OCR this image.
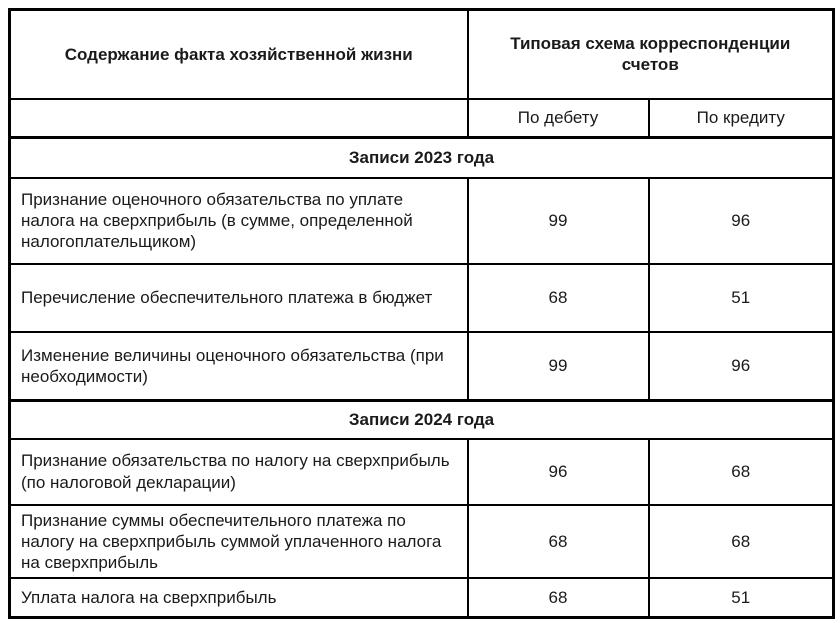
Содержание факта хозяйственной жизни	Типовая схема корреспонденции счетов	
	По дебету	По кредиту
Записи 2023 года		
Признание оценочного обязательства по уплате налога на сверхприбыль (в сумме, определенной налогоплательщиком)	99	96
Перечисление обеспечительного платежа в бюджет	68	51
Изменение величины оценочного обязательства (при необходимости)	99	96
Записи 2024 года		
Признание обязательства по налогу на сверхприбыль (по налоговой декларации)	96	68
Признание суммы обеспечительного платежа по налогу на сверхприбыль суммой уплаченного налога на сверхприбыль	68	68
Уплата налога на сверхприбыль	68	51
